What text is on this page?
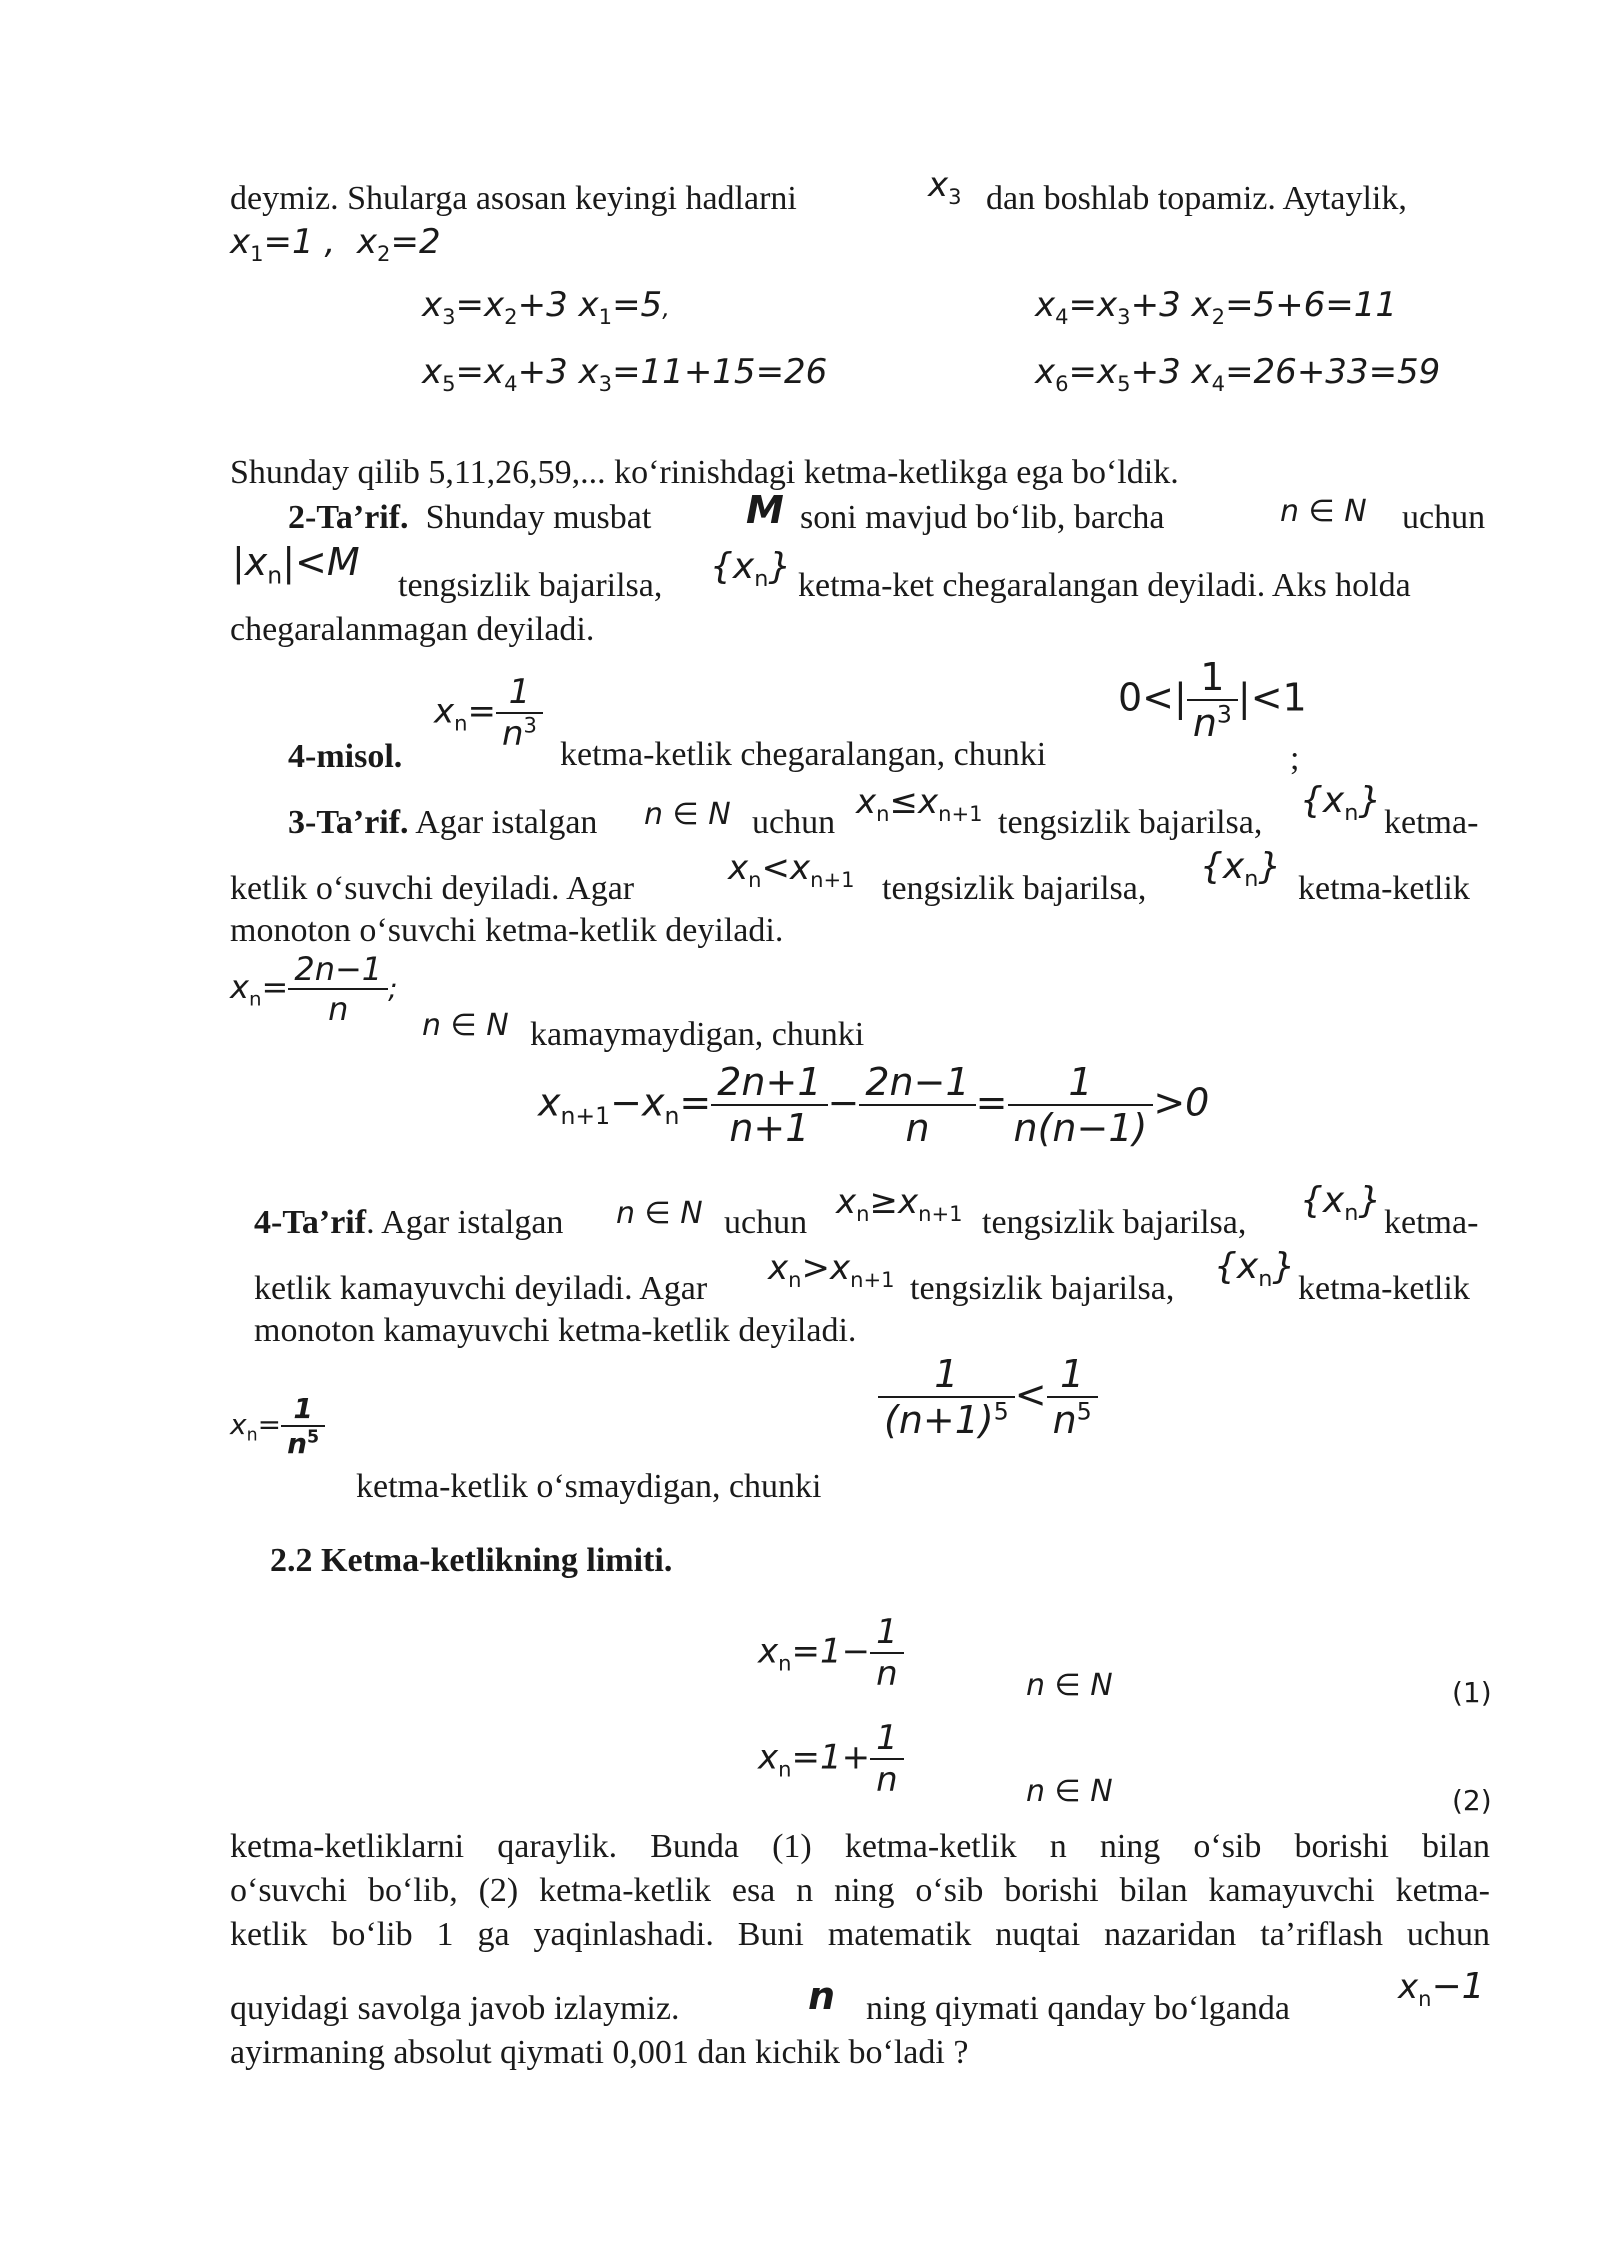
deymiz. Shularga asosan keyingi hadlarni	$x_3$ dan boshlab topamiz. Aytaylik,
$x_1=1$ , $x_2=2$
$x_3=x_2+3$ $x_1=5$,	$x_4=x_3+3$ $x_2=5+6=11$
$x_5=x_4+3$ $x_3=11+15=26$	$x_6=x_5+3$ $x_4=26+33=59$
Shunday qilib 5,11,26,59,... ko‘rinishdagi ketma-ketlikga ega bo‘ldik.
2-Ta’rif. Shunday musbat M soni mavjud bo‘lib, barcha	n ∈ N uchun
$|x_n|<M$
tengsizlik bajarilsa, $\{x_n\}$ ketma-ket chegaralangan deyiladi. Aks holda
chegaralanmagan deyiladi.
$x_n= \frac{1}{n^3}$
4-misol.	ketma-ketlik chegaralangan, chunki
$0<| \frac{1}{n^3} |<1$
;
3-Ta’rif. Agar istalgan n ∈ N uchun
$x_n\le x_{n+1}$ tengsizlik bajarilsa,
$\{x_n\}$
ketma-
ketlik o‘suvchi deyiladi. Agar
$x_n<x_{n+1}$ tengsizlik bajarilsa,
$\{x_n\}$
ketma-ketlik
monoton o‘suvchi ketma-ketlik deyiladi.
$x_n= \frac{2n-1}{n}$ ;
n ∈ N kamaymaydigan, chunki
$x_{n+1}-x_n= \frac{2n+1}{n+1} - \frac{2n-1}{n} = \frac{1}{n(n-1)} >0$
4-Ta’rif. Agar istalgan n ∈ N uchun
$x_n\ge x_{n+1}$ tengsizlik bajarilsa,
$\{x_n\}$
ketma-
ketlik kamayuvchi deyiladi. Agar
$x_n>x_{n+1}$ tengsizlik bajarilsa,
$\{x_n\}$
ketma-ketlik
monoton kamayuvchi ketma-ketlik deyiladi.
$x_n= \frac{1}{n^5}$	$\frac{1}{(n+1)^5} < \frac{1}{n^5}$
ketma-ketlik o‘smaydigan, chunki
2.2 Ketma-ketlikning limiti.
$x_n=1- \frac{1}{n}$	n ∈ N	(1)
$x_n=1+ \frac{1}{n}$	n ∈ N	(2)
ketma-ketliklarni qaraylik. Bunda (1) ketma-ketlik n ning o‘sib borishi bilan
o‘suvchi bo‘lib, (2) ketma-ketlik esa n ning o‘sib borishi bilan kamayuvchi ketma-
ketlik bo‘lib 1 ga yaqinlashadi. Buni matematik nuqtai nazaridan ta’riflash uchun
quyidagi savolga javob izlaymiz.	n ning qiymati qanday bo‘lganda
$x_n-1$
ayirmaning absolut qiymati 0,001 dan kichik bo‘ladi ?
